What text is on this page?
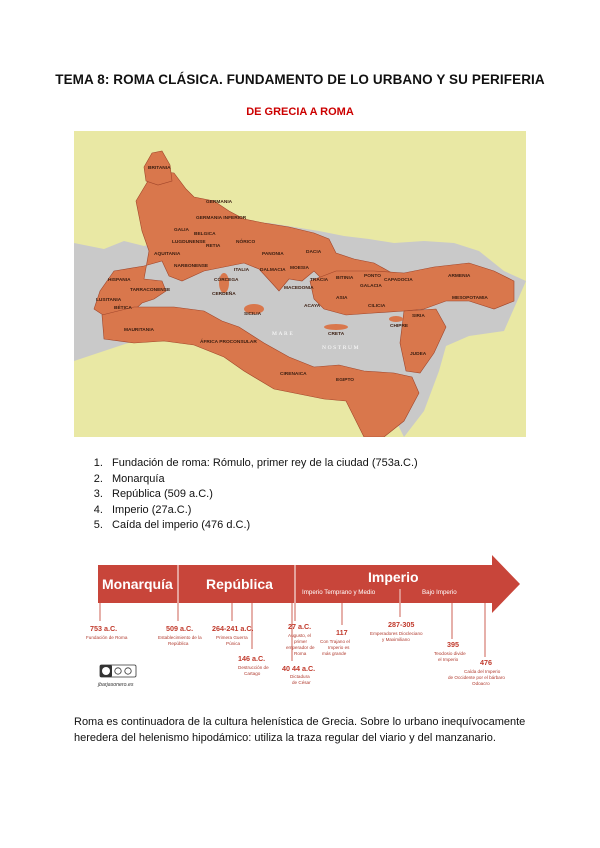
TEMA 8: ROMA CLÁSICA. FUNDAMENTO DE LO URBANO Y SU PERIFERIA
DE GRECIA A ROMA
MARE
NOSTRUM
BRITANIA
GERMANIA
GERMANIA INFERIOR
GALIA
BELGICA
LUGDUNENSE
AQUITANIA
HISPANIA
TARRACONENSE
LUSITANIA
BÉTICA
MAURITANIA
NARBONENSE
RETIA
NÓRICO
ITALIA
PANONIA
DALMACIA
DACIA
MOESIA
TRACIA
MACEDONIA
ACAYA
ASIA
BITINIA
GALACIA
PONTO
CAPADOCIA
CILICIA
SIRIA
JUDEA
ARMENIA
MESOPOTAMIA
ÁFRICA PROCONSULAR
CIRENAICA
EGIPTO
SICILIA
CÓRCEGA
CERDEÑA
CHIPRE
CRETA
1. Fundación de roma: Rómulo, primer rey de la ciudad (753a.C.)
2. Monarquía
3. República (509 a.C.)
4. Imperio (27a.C.)
5. Caída del imperio (476 d.C.)
Monarquía República	Imperio
Imperio Temprano y Medio	Bajo Imperio
753 a.C.
Fundación de Roma
509 a.C.
Establecimiento de la
República
264-241 a.C.
Primera Guerra
Púnica
146 a.C.
Destrucción de
Cartago
27 a.C.
Augusto, el
primer
emperador de
Roma
40 44 a.C.
Dictadura
de César
117
Con Trajano el
Imperio es
más grande
287-305
Emperadores Diocleciano
y Maximiliano
395
Teodosio divide
el Imperio	476
Caída del Imperio
de Occidente por el bárbaro
Odoacro
jbarjasonero.es
Roma es continuadora de la cultura helenística de Grecia. Sobre lo urbano inequívocamente heredera del helenismo hipodámico: utiliza la traza regular del viario y del manzanario.
